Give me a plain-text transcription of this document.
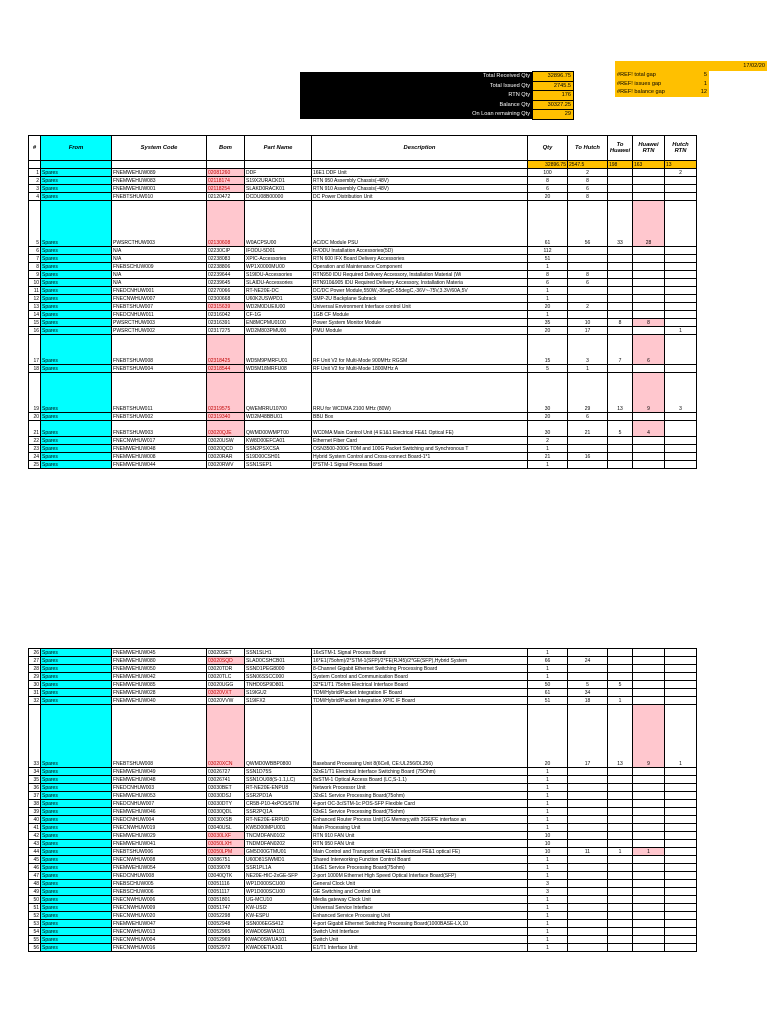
17/02/20
Total Received Qty	32896.75
Total Issued Qty	2745.5
RTN Qty	176
Balance Qty	30327.25
On Loan remaining Qty	29
#REF! total gap	5
#REF! issues gap	1
#REF! balance gap	12
#	From	System Code	Bom	Part Name	Description	Qty	To Hutch	To Huawei	Huawei RTN	Hutch RTN
						32896.75	2547.5	198	163	13
1	Spares	FNEMWEHUW089	02081260	DDF	16E1 DDF Unit	100	2			2
2	Spares	FNEMWEHUW083	02118174	S19X2URACKD1	RTN 950 Assembly Chassis(-48V)	8	8			
3	Spares	FNEMWEHUW001	02118254	SLAKD0RACK01	RTN 910 Assembly Chassis(-48V)	6	6			
4	Spares	FNEBTSHUW010	02120472	DCDU08B00000	DC Power Distribution Unit	20	8			
5	Spares	PWSRCTHUW003	02130608	W0ACPSU00	AC/DC Module PSU	61	56	33	28	
6	Spares	N/A	02230CIP	IFODU-5D01	IF/ODU Installation Accessories(5D)	112				
7	Spares	N/A	02238083	XPIC-Accessories	RTN 600 IFX Board Delivery Accessories	51				
8	Spares	FNEBSCHUW009	02238806	WP1X0000MU00	Operation and Maintenance Component	1				
9	Spares	N/A	02239644	S19IDU-Accessories	RTN950 IDU Required Delivery Accessory, Installation Material (Wi	8	8			
10	Spares	N/A	02239645	SLAIDU-Accessories	RTN910&905 IDU Required Delivery Accessory, Installation Materia	6	6			
11	Spares	FNEDCNHUW001	02270066	RT-NE20E-DC	DC/DC Power Module,550W,-36egC-55degC,-36V~-75V,3.3V/60A,5V	1				
12	Spares	FNECNWHUW007	02300668	U60K2USWPD1	SMP-2U Backplane Subrack	1				
13	Spares	FNEBTSHUW007	02315639	WD2M0DUEIU00	Universal Environment Interface control Unit	20	2			
14	Spares	FNEDCNHUW011	02316042	CF-1G	1GB CF Module	1				
15	Spares	PWSRCTHUW003	02316391	EN8MCPMU0100	Power System Monitor Module	35	10	8	8	
16	Spares	PWSRCTHUW002	02317275	WD2M803PMU00	PMU Module	20	17			1
17	Spares	FNEBTSHUW008	02318425	WD5M9PMRFU01	RF Unit V2 for Multi-Mode 900MHz RGSM	15	3	7	6	
18	Spares	FNEBTSHUW004	02318544	WD5M18MRFU08	RF Unit V2 for Multi-Mode 1800MHz A	5	1			
19	Spares	FNEBTSHUW011	02319575	QWEMRRU10700	RRU for WCDMA 2100 MHz (80W)	30	29	13	9	3
20	Spares	FNEBTSHUW002	02319340	WD2M48BBU01	BBU Box	20	6			
21	Spares	FNEBTSHUW003	03020QJE	QWMD00WMPT00	WCDMA Main Control Unit (4 E1&1 Electrical FE&1 Optical FE)	30	21	5	4	
22	Spares	FNECNWHUW017	03020USW	KW8D00EFCA01	Ethernet Fiber Card	2				
23	Spares	FNEMWEHUW048	03020QCD	SSN2PSXCSA	OSN3500-200G TDM and 100G Packet Switching and Synchronous T	1				
24	Spares	FNEMWEHUW008	03020RAR	S19D00CSH01	Hybrid System Control and Cross-connect Board-1*1	21	16			
25	Spares	FNEMWEHUW044	03020RWV	SSN1SEP1	8*STM-1 Signal Process Board	1				
26	Spares	FNEMWEHUW045	03020SET	SSN1SLH1	16xSTM-1 Signal Process Board	1				
27	Spares	FNEMWEHUW080	03020SQD	SLAD0CSHCB01	16*E1(75ohm)/2*STM-1(SFP)/2*FE(RJ45)/2*GE(SFP),Hybrid System	66	24			
28	Spares	FNEMWEHUW050	03020TDR	SSND1PEG8000	8-Channel Gigabit Ethernet Switching Processing Board	1				
29	Spares	FNEMWEHUW042	03020TLC	SSN06SSCC000	System Control and Communication Board	1				
30	Spares	FNEMWEHUW085	03020UGG	TNHD0SP9D801	32*E1/T1 75ohm Electrical Interface Board	50	5	5		
31	Spares	FNEMWEHUW028	03020VXT	S19IGU2	TDM/Hybrid/Packet Integration IF Board	61	34			
32	Spares	FNEMWEHUW040	03020VVW	S19IFX2	TDM/Hybrid/Packet Integration XPIC IF Board	51	18	1		
33	Spares	FNEBTSHUW008	03020XCN	QWMD0WBBP0800	Baseband Processing Unit 8(6Cell, CE:UL256/DL256)	20	17	13	9	1
34	Spares	FNEMWEHUW049	03026727	SSN1D75S	32xE1/T1 Electrical Interface Switching Board (75Ohm)	1				
35	Spares	FNEMWEHUW048	03026741	SSN1OU08(S-1.1,LC)	8xSTM-1 Optical Access Board (LC,S-1.1)	1				
36	Spares	FNEDCNHUW003	03030BET	RT-NE20E-ENPU8	Network Processor Unit	1				
37	Spares	FNEMWEHUW053	03030DSJ	SSR2PD1A	32xE1 Service Processing Board(75ohm)	1				
38	Spares	FNEDCNHUW007	03030DTY	CR5B-P10-4xPOS/STM	4-port OC-3c/STM-1c POS-SFP Flexible Card	1				
39	Spares	FNEMWEHUW046	03030QDL	SSR2PQ1A	63xE1 Service Processing Board(75ohm)	1				
40	Spares	FNEDCNHUW004	03030XSB	RT-NE20E-ERPUD	Enhanced Router Process Unit(1G Memory,with 2GE/FE interface an	1				
41	Spares	FNECNWHUW019	03040USL	KW5D00MPU001	Main Processing Unit	1				
42	Spares	FNEMWEHUW029	03030LXF	TNCMDFAN0102	RTN 910 FAN Unit	10				
43	Spares	FNEMWEHUW041	03050LXH	TNDMDFAN0202	RTN 950 FAN Unit	10				
44	Spares	FNEBTSHUW006	03050LPM	GM5D00GTMU01	Main Control and Transport unit(4E1&1 electrical FE&1 optical FE)	10	11	1	1	
45	Spares	FNECNWHUW008	03086751	U60D81SIWMD1	Shared Interworking Function Control Board	1				
46	Spares	FNEMWEHUW054	03039078	SSR1PL1A	16xE1 Service Processing Board(75ohm)	1				
47	Spares	FNEDCNHUW008	03040QTK	NE20E-HIC-2xGE-SFP	2-port 1000M Ethernet High Speed Optical Interface Board(SFP)	1				
48	Spares	FNEBSCHUW005	03051116	WP1D000SCU00	General Clock Unit	3				
49	Spares	FNEBSCHUW006	03051117	WP1D000SCU00	GE Switching and Control Unit	3				
50	Spares	FNECNWHUW006	03051801	UG-MCU10	Media gateway Clock Unit	1				
51	Spares	FNECNWHUW009	03051747	KW-USI2	Universal Service Interface	1				
52	Spares	FNECNWHUW020	03052298	KW-ESPU	Enhanced Service Processing Unit	1				
53	Spares	FNEMWEHUW047	03052948	SSN006EGS412	4-port Gigabit Ethernet Switching Processing Board(1000BASE-LX,10	1				
54	Spares	FNECNWHUW013	03052965	KWAD0SWIA101	Switch Unit Interface	1				
55	Spares	FNECNWHUW004	03052969	KWAD0SWUA101	Switch Unit	1				
56	Spares	FNECNWHUW016	03052972	KWAD0ETIA101	E1/T1 Interface Unit	1				
